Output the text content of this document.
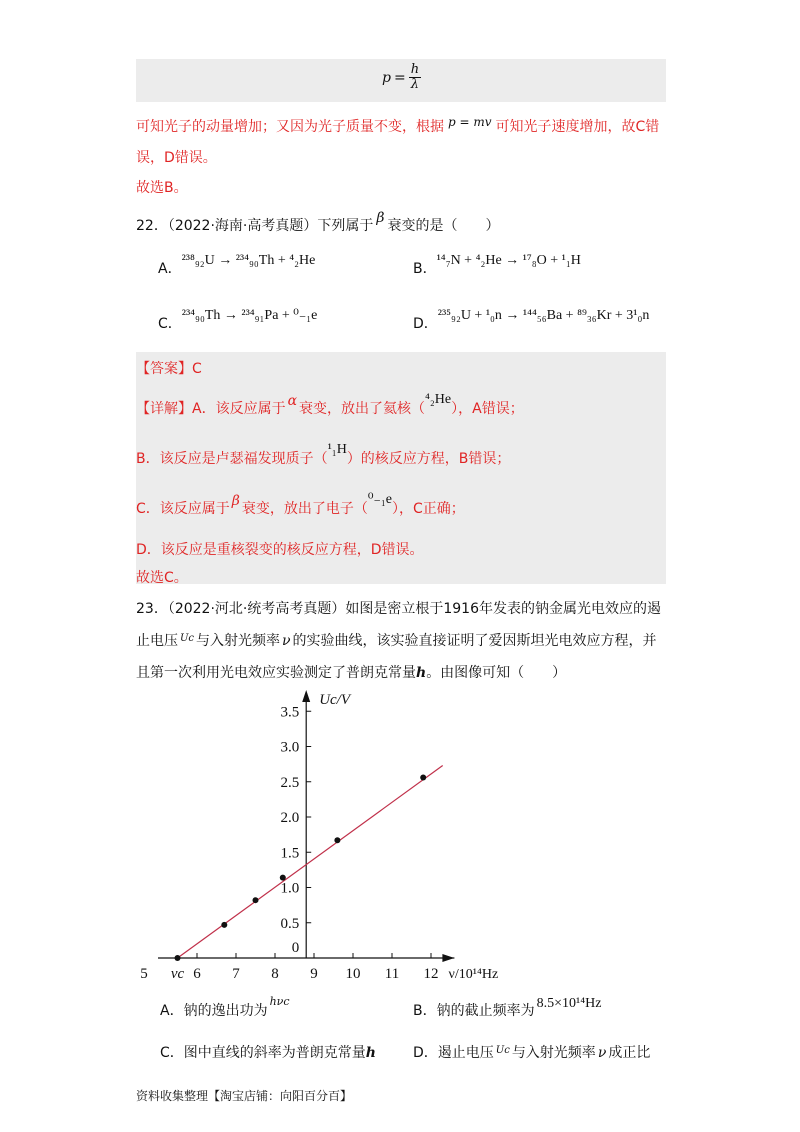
$p = \frac{h}{\lambda}$
可知光子的动量增加；又因为光子质量不变，根据 p = mv 可知光子速度增加，故C错
误，D错误。
故选B。
22．（2022·海南·高考真题）下列属于 β 衰变的是（　　）
A．²³⁸₉₂U → ²³⁴₉₀Th + ⁴₂He
B．¹⁴₇N + ⁴₂He → ¹⁷₈O + ¹₁H
C．²³⁴₉₀Th → ²³⁴₉₁Pa + ⁰₋₁e
D．²³⁵₉₂U + ¹₀n → ¹⁴⁴₅₆Ba + ⁸⁹₃₆Kr + 3¹₀n
【答案】C
【详解】A．该反应属于 α 衰变，放出了氦核（⁴₂He），A错误；
B．该反应是卢瑟福发现质子（¹₁H）的核反应方程，B错误；
C．该反应属于 β 衰变，放出了电子（⁰₋₁e），C正确；
D．该反应是重核裂变的核反应方程，D错误。
故选C。
23．（2022·河北·统考高考真题）如图是密立根于1916年发表的钠金属光电效应的遏
止电压 $^{Uc}$ 与入射光频率 ν 的实验曲线，该实验直接证明了爱因斯坦光电效应方程，并
且第一次利用光电效应实验测定了普朗克常量h。由图像可知（　　）
0
0.5
1.0
1.5
2.0
2.5
3.0
3.5
5 νc 6 7 8 9 10 11 12
Uc/V
ν/10¹⁴Hz
A．钠的逸出功为$^{h\nu c}$
B．钠的截止频率为 8.5×10¹⁴Hz
C．图中直线的斜率为普朗克常量h	D．遏止电压 $^{Uc}$ 与入射光频率 ν 成正比
资料收集整理【淘宝店铺：向阳百分百】
